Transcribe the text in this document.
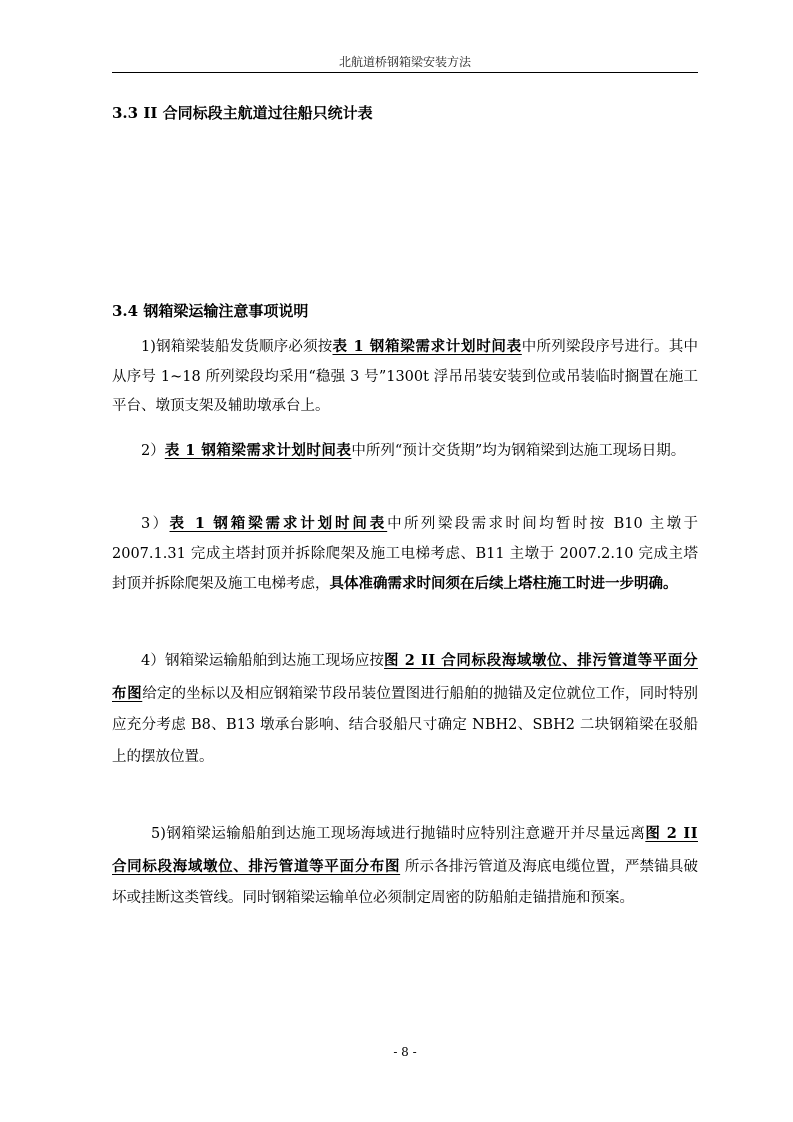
北航道桥钢箱梁安装方法
3.3 II 合同标段主航道过往船只统计表
3.4 钢箱梁运输注意事项说明

1)钢箱梁装船发货顺序必须按表 1 钢箱梁需求计划时间表中所列梁段序号进行。其中从序号 1~18 所列梁段均采用“稳强 3 号”1300t 浮吊吊装安装到位或吊装临时搁置在施工平台、墩顶支架及辅助墩承台上。

2）表 1 钢箱梁需求计划时间表中所列“预计交货期”均为钢箱梁到达施工现场日期。

3）表 1 钢箱梁需求计划时间表中所列梁段需求时间均暂时按 B10 主墩于 2007.1.31 完成主塔封顶并拆除爬架及施工电梯考虑、B11 主墩于 2007.2.10 完成主塔封顶并拆除爬架及施工电梯考虑，具体准确需求时间须在后续上塔柱施工时进一步明确。

4）钢箱梁运输船舶到达施工现场应按图 2 II 合同标段海域墩位、排污管道等平面分布图给定的坐标以及相应钢箱梁节段吊装位置图进行船舶的抛锚及定位就位工作，同时特别应充分考虑 B8、B13 墩承台影响、结合驳船尺寸确定 NBH2、SBH2 二块钢箱梁在驳船上的摆放位置。

5)钢箱梁运输船舶到达施工现场海域进行抛锚时应特别注意避开并尽量远离图 2 II 合同标段海域墩位、排污管道等平面分布图 所示各排污管道及海底电缆位置，严禁锚具破坏或挂断这类管线。同时钢箱梁运输单位必须制定周密的防船舶走锚措施和预案。

- 8 -
